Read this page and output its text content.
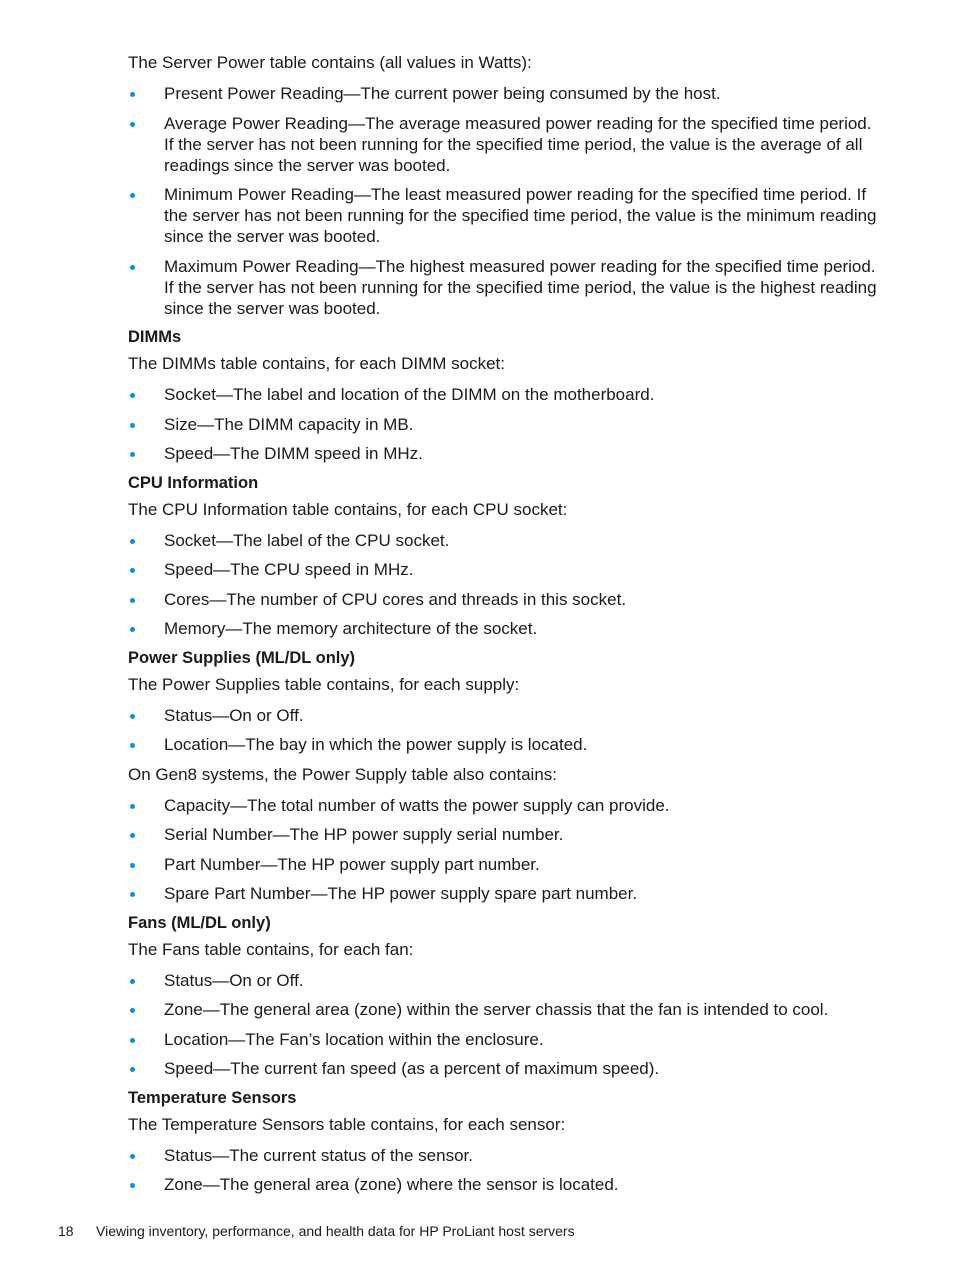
The Server Power table contains (all values in Watts):

Present Power Reading—The current power being consumed by the host.
Average Power Reading—The average measured power reading for the specified time period. If the server has not been running for the specified time period, the value is the average of all readings since the server was booted.
Minimum Power Reading—The least measured power reading for the specified time period. If the server has not been running for the specified time period, the value is the minimum reading since the server was booted.
Maximum Power Reading—The highest measured power reading for the specified time period. If the server has not been running for the specified time period, the value is the highest reading since the server was booted.
DIMMs

The DIMMs table contains, for each DIMM socket:

Socket—The label and location of the DIMM on the motherboard.
Size—The DIMM capacity in MB.
Speed—The DIMM speed in MHz.
CPU Information

The CPU Information table contains, for each CPU socket:

Socket—The label of the CPU socket.
Speed—The CPU speed in MHz.
Cores—The number of CPU cores and threads in this socket.
Memory—The memory architecture of the socket.
Power Supplies (ML/DL only)

The Power Supplies table contains, for each supply:

Status—On or Off.
Location—The bay in which the power supply is located.

On Gen8 systems, the Power Supply table also contains:

Capacity—The total number of watts the power supply can provide.
Serial Number—The HP power supply serial number.
Part Number—The HP power supply part number.
Spare Part Number—The HP power supply spare part number.
Fans (ML/DL only)

The Fans table contains, for each fan:

Status—On or Off.
Zone—The general area (zone) within the server chassis that the fan is intended to cool.
Location—The Fan’s location within the enclosure.
Speed—The current fan speed (as a percent of maximum speed).
Temperature Sensors

The Temperature Sensors table contains, for each sensor:

Status—The current status of the sensor.
Zone—The general area (zone) where the sensor is located.
18 Viewing inventory, performance, and health data for HP ProLiant host servers
